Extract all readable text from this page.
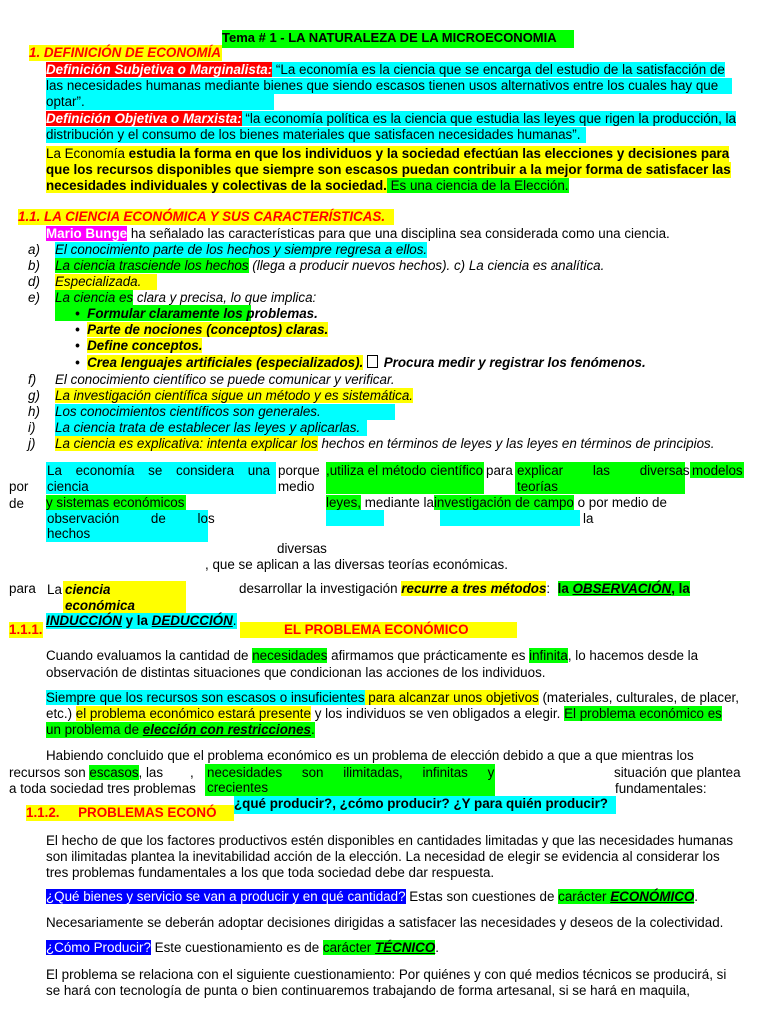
Tema # 1 - LA NATURALEZA DE LA MICROECONOMIA
1. DEFINICIÓN DE ECONOMÍA
Definición Subjetiva o Marginalista: “La economía es la ciencia que se encarga del estudio de la satisfacción de
las necesidades humanas mediante bienes que siendo escasos tienen usos alternativos entre los cuales hay que
optar”.
Definición Objetiva o Marxista: “la economía política es la ciencia que estudia las leyes que rigen la producción, la
distribución y el consumo de los bienes materiales que satisfacen necesidades humanas”.
La Economía estudia la forma en que los individuos y la sociedad efectúan las elecciones y decisiones para
que los recursos disponibles que siempre son escasos puedan contribuir a la mejor forma de satisfacer las
necesidades individuales y colectivas de la sociedad. Es una ciencia de la Elección.
1.1. LA CIENCIA ECONÓMICA Y SUS CARACTERÍSTICAS.
Mario Bunge ha señalado las características para que una disciplina sea considerada como una ciencia.
a) El conocimiento parte de los hechos y siempre regresa a ellos.
b) La ciencia trasciende los hechos (llega a producir nuevos hechos). c) La ciencia es analítica.
d) Especializada.
e) La ciencia es clara y precisa, lo que implica:
•  Formular claramente los problemas.
•  Parte de nociones (conceptos) claras.
•  Define conceptos.
•  Crea lenguajes artificiales (especializados). Procura medir y registrar los fenómenos.
f) El conocimiento científico se puede comunicar y verificar.
g) La investigación científica sigue un método y es sistemática.
h) Los conocimientos científicos son generales.
i) La ciencia trata de establecer las leyes y aplicarlas.
j) La ciencia es explicativa: intenta explicar los hechos en términos de leyes y las leyes en términos de principios.
La economía se considera una
ciencia
porque
medio
,utiliza el método científico para explicar las diversas
teorías
modelos
por
de y sistemas económicos	leyes, mediante lainvestigación de campo o por medio de
observación de los
hechos
la
diversas
, que se aplican a las diversas teorías económicas.
para La ciencia
económica
desarrollar la investigación recurre a tres métodos: la OBSERVACIÓN, la
INDUCCIÓN y la DEDUCCIÓN.
1.1.1.	EL PROBLEMA ECONÓMICO
Cuando evaluamos la cantidad de necesidades afirmamos que prácticamente es infinita, lo hacemos desde la
observación de distintas situaciones que condicionan las acciones de los individuos.
Siempre que los recursos son escasos o insuficientes para alcanzar unos objetivos (materiales, culturales, de placer,
etc.) el problema económico estará presente y los individuos se ven obligados a elegir. El problema económico es
un problema de elección con restricciones.
Habiendo concluido que el problema económico es un problema de elección debido a que a que mientras los
recursos son escasos, las , necesidades son ilimitadas, infinitas y
crecientes
situación que plantea
a toda sociedad tres problemas	fundamentales:
1.1.2. PROBLEMAS ECONÓ
¿qué producir?, ¿cómo producir? ¿Y para quién producir?
El hecho de que los factores productivos estén disponibles en cantidades limitadas y que las necesidades humanas
son ilimitadas plantea la inevitabilidad acción de la elección. La necesidad de elegir se evidencia al considerar los
tres problemas fundamentales a los que toda sociedad debe dar respuesta.
¿Qué bienes y servicio se van a producir y en qué cantidad? Estas son cuestiones de carácter ECONÓMICO.
Necesariamente se deberán adoptar decisiones dirigidas a satisfacer las necesidades y deseos de la colectividad.
¿Cómo Producir? Este cuestionamiento es de carácter TÉCNICO.
El problema se relaciona con el siguiente cuestionamiento: Por quiénes y con qué medios técnicos se producirá, si
se hará con tecnología de punta o bien continuaremos trabajando de forma artesanal, si se hará en maquila,
